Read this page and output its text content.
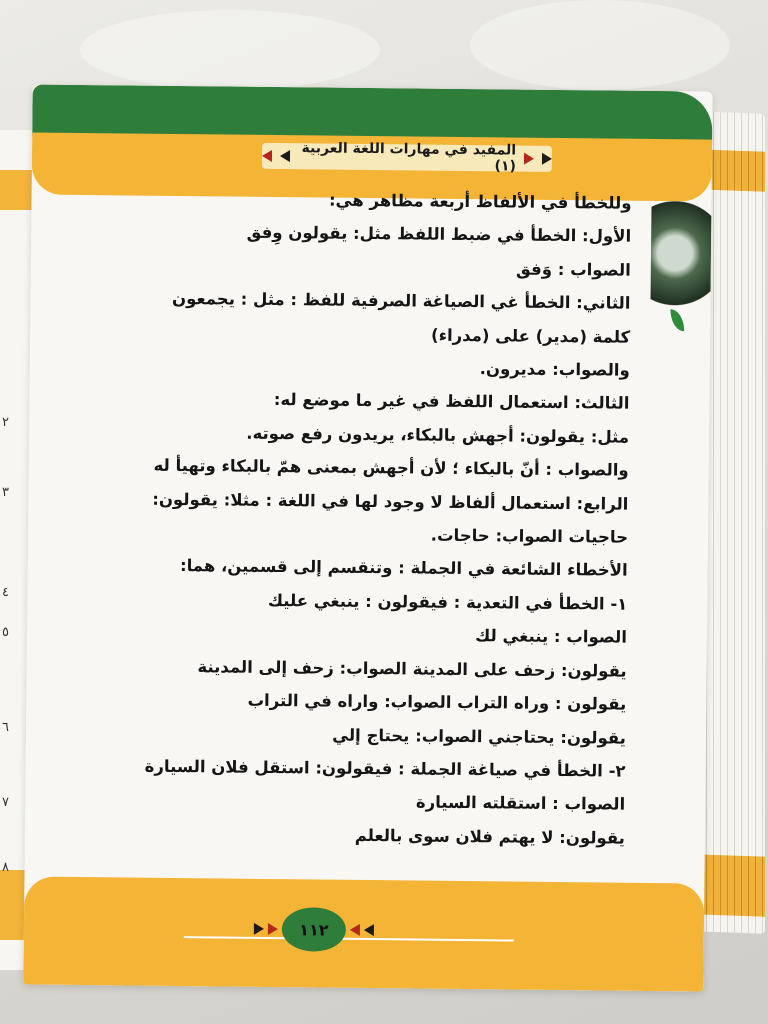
٢
٣
٤
٥
٦
٧
٨
المفيد في مهارات اللغة العربية (١)
وللخطأ في الألفاظ أربعة مظاهر هي:
الأول: الخطأ في ضبط اللفظ مثل: يقولون وِفق
الصواب : وَفق
الثاني: الخطأ غي الصياغة الصرفية للفظ : مثل : يجمعون
كلمة (مدير) على (مدراء)
والصواب: مديرون.
الثالث: استعمال اللفظ في غير ما موضع له:
مثل: يقولون: أجهش بالبكاء، يريدون رفع صوته.
والصواب : أنّ بالبكاء ؛ لأن أجهش بمعنى همّ بالبكاء وتهيأ له
الرابع: استعمال ألفاظ لا وجود لها في اللغة : مثلا: يقولون:
حاجيات الصواب: حاجات.
الأخطاء الشائعة في الجملة : وتنقسم إلى قسمين، هما:
١- الخطأ في التعدية : فيقولون : ينبغي عليك
الصواب : ينبغي لك
يقولون: زحف على المدينة الصواب: زحف إلى المدينة
يقولون : وراه التراب الصواب: واراه في التراب
يقولون: يحتاجني الصواب: يحتاج إلي
٢- الخطأ في صياغة الجملة : فيقولون: استقل فلان السيارة
الصواب : استقلته السيارة
يقولون: لا يهتم فلان سوى بالعلم
١١٢
